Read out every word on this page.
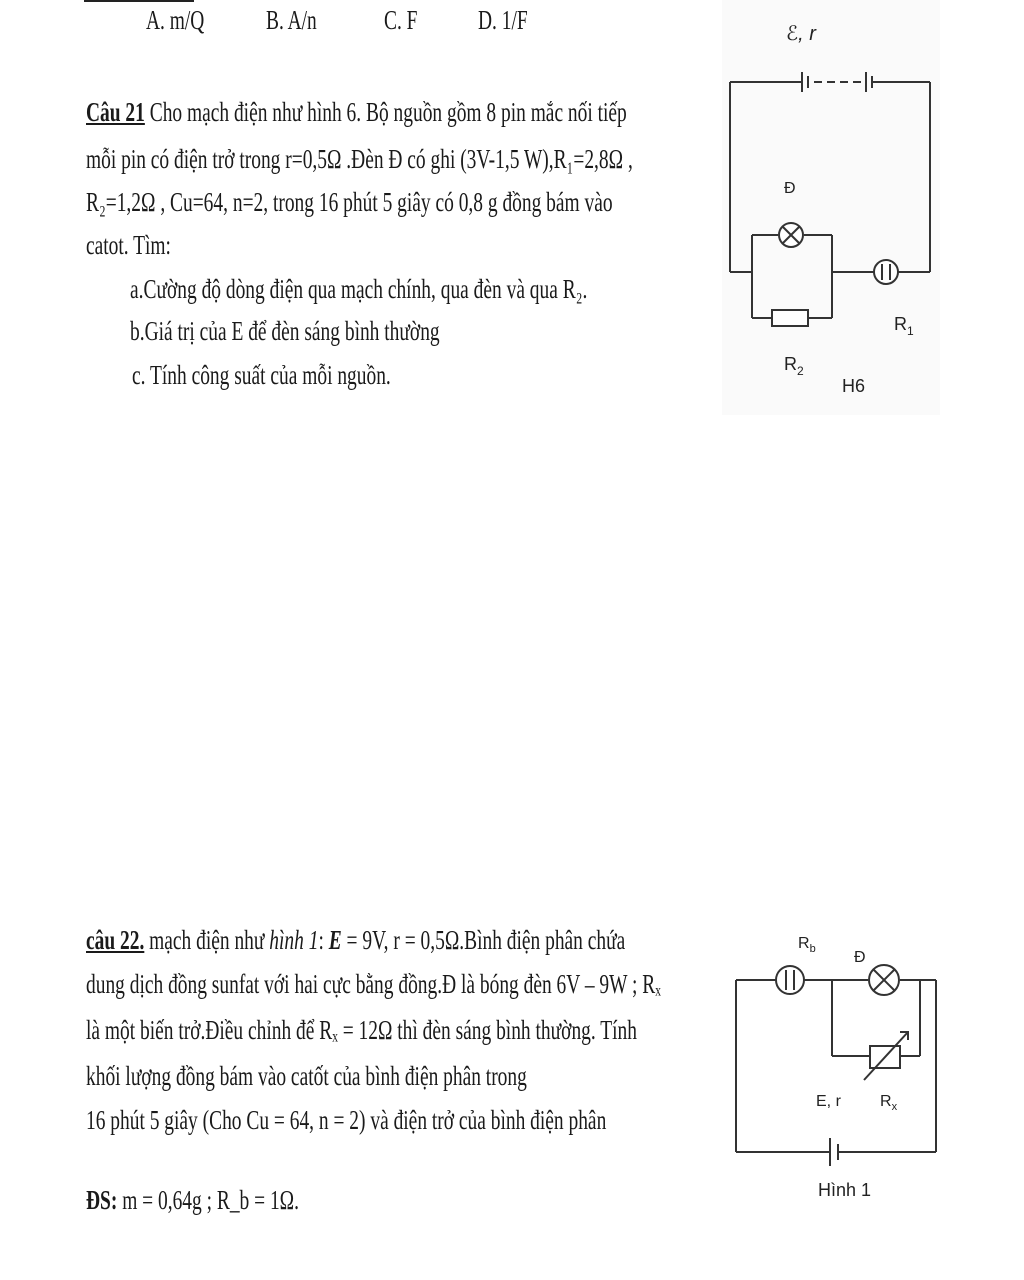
A. m/Q B. A/n C. F D. 1/F
Câu 21 Cho mạch điện như hình 6. Bộ nguồn gồm 8 pin mắc nối tiếp
mỗi pin có điện trở trong r=0,5Ω .Đèn Đ có ghi (3V-1,5 W),R₁=2,8Ω ,
R₂=1,2Ω , Cu=64, n=2, trong 16 phút 5 giây có 0,8 g đồng bám vào
catot. Tìm:
a.Cường độ dòng điện qua mạch chính, qua đèn và qua R₂.
b.Giá trị của E để đèn sáng bình thường
c. Tính công suất của mỗi nguồn.
ℰ, r
Đ
$R_1$
$R_2$
H6
câu 22. mạch điện như hình 1: E = 9V, r = 0,5Ω.Bình điện phân chứa
dung dịch đồng sunfat với hai cực bằng đồng.Đ là bóng đèn 6V – 9W ; Rₓ
là một biến trở.Điều chỉnh để Rₓ = 12Ω thì đèn sáng bình thường. Tính
khối lượng đồng bám vào catốt của bình điện phân trong
16 phút 5 giây (Cho Cu = 64, n = 2) và điện trở của bình điện phân
ĐS: m = 0,64g ; R_b = 1Ω.
$R_b$ Đ
E, r $R_x$
Hình 1
